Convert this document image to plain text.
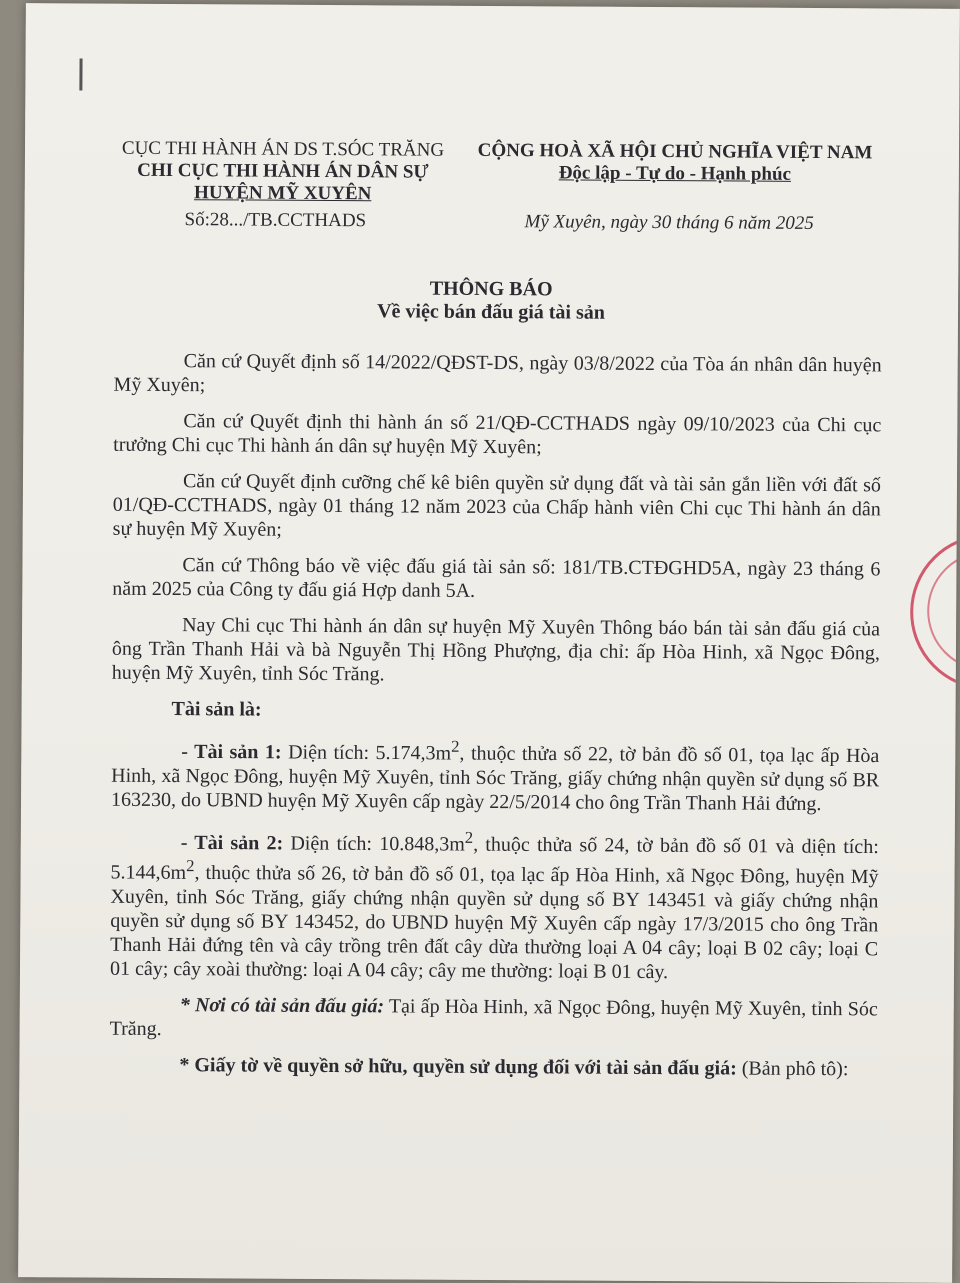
CỤC THI HÀNH ÁN DS T.SÓC TRĂNG
CHI CỤC THI HÀNH ÁN DÂN SỰ
HUYỆN MỸ XUYÊN
Số:28.../TB.CCTHADS
CỘNG HOÀ XÃ HỘI CHỦ NGHĨA VIỆT NAM
Độc lập - Tự do - Hạnh phúc
Mỹ Xuyên, ngày 30 tháng 6 năm 2025
THÔNG BÁO
Về việc bán đấu giá tài sản

Căn cứ Quyết định số 14/2022/QĐST-DS, ngày 03/8/2022 của Tòa án nhân dân huyện Mỹ Xuyên;

Căn cứ Quyết định thi hành án số 21/QĐ-CCTHADS ngày 09/10/2023 của Chi cục trưởng Chi cục Thi hành án dân sự huyện Mỹ Xuyên;

Căn cứ Quyết định cưỡng chế kê biên quyền sử dụng đất và tài sản gắn liền với đất số 01/QĐ-CCTHADS, ngày 01 tháng 12 năm 2023 của Chấp hành viên Chi cục Thi hành án dân sự huyện Mỹ Xuyên;

Căn cứ Thông báo về việc đấu giá tài sản số: 181/TB.CTĐGHD5A, ngày 23 tháng 6 năm 2025 của Công ty đấu giá Hợp danh 5A.

Nay Chi cục Thi hành án dân sự huyện Mỹ Xuyên Thông báo bán tài sản đấu giá của ông Trần Thanh Hải và bà Nguyễn Thị Hồng Phượng, địa chỉ: ấp Hòa Hinh, xã Ngọc Đông, huyện Mỹ Xuyên, tỉnh Sóc Trăng.

Tài sản là:

- Tài sản 1: Diện tích: $5.174,3m^2$, thuộc thửa số 22, tờ bản đồ số 01, tọa lạc ấp Hòa Hinh, xã Ngọc Đông, huyện Mỹ Xuyên, tỉnh Sóc Trăng, giấy chứng nhận quyền sử dụng số BR 163230, do UBND huyện Mỹ Xuyên cấp ngày 22/5/2014 cho ông Trần Thanh Hải đứng.

- Tài sản 2: Diện tích: $10.848,3m^2$, thuộc thửa số 24, tờ bản đồ số 01 và diện tích: $5.144,6m^2$, thuộc thửa số 26, tờ bản đồ số 01, tọa lạc ấp Hòa Hinh, xã Ngọc Đông, huyện Mỹ Xuyên, tỉnh Sóc Trăng, giấy chứng nhận quyền sử dụng số BY 143451 và giấy chứng nhận quyền sử dụng số BY 143452, do UBND huyện Mỹ Xuyên cấp ngày 17/3/2015 cho ông Trần Thanh Hải đứng tên và cây trồng trên đất cây dừa thường loại A 04 cây; loại B 02 cây; loại C 01 cây; cây xoài thường: loại A 04 cây; cây me thường: loại B 01 cây.

* Nơi có tài sản đấu giá: Tại ấp Hòa Hinh, xã Ngọc Đông, huyện Mỹ Xuyên, tỉnh Sóc Trăng.

* Giấy tờ về quyền sở hữu, quyền sử dụng đối với tài sản đấu giá: (Bản phô tô):
